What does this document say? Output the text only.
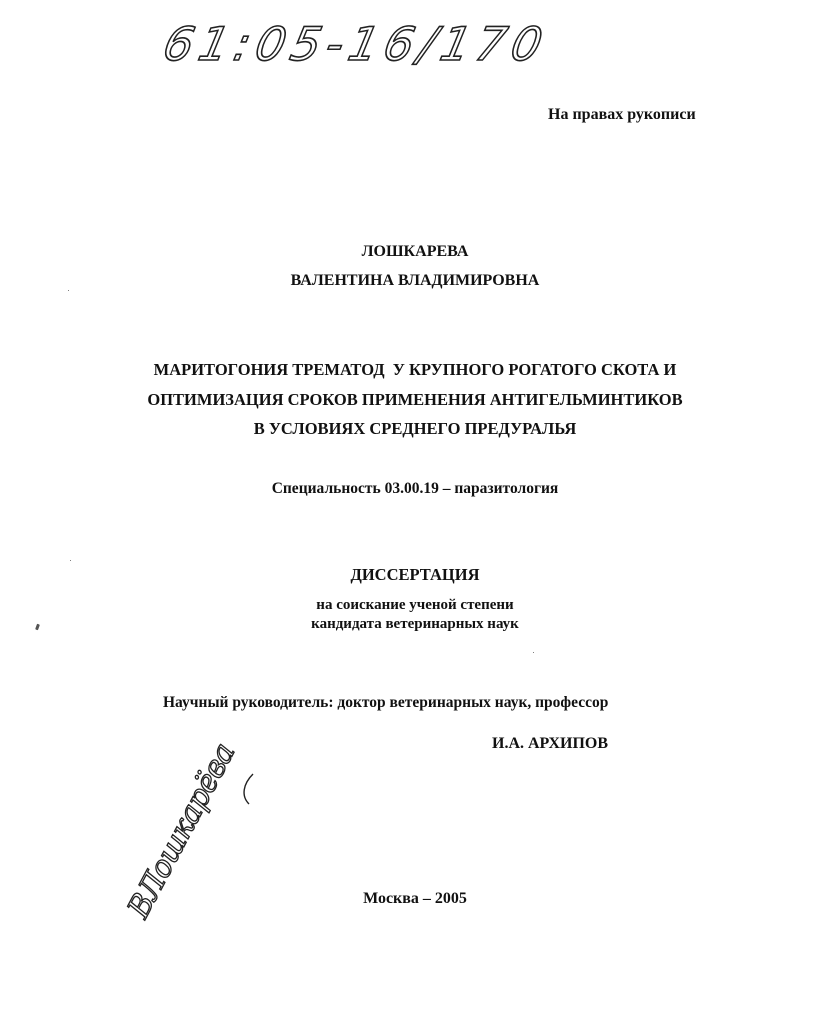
61:05-16/170
На правах рукописи
ЛОШКАРЕВА
ВАЛЕНТИНА ВЛАДИМИРОВНА
МАРИТОГОНИЯ ТРЕМАТОД  У КРУПНОГО РОГАТОГО СКОТА И
ОПТИМИЗАЦИЯ СРОКОВ ПРИМЕНЕНИЯ АНТИГЕЛЬМИНТИКОВ
В УСЛОВИЯХ СРЕДНЕГО ПРЕДУРАЛЬЯ
Специальность 03.00.19 – паразитология
ДИССЕРТАЦИЯ
на соискание ученой степени
кандидата ветеринарных наук
Научный руководитель: доктор ветеринарных наук, профессор
И.А. АРХИПОВ
Москва – 2005
ВЛошкарёва
